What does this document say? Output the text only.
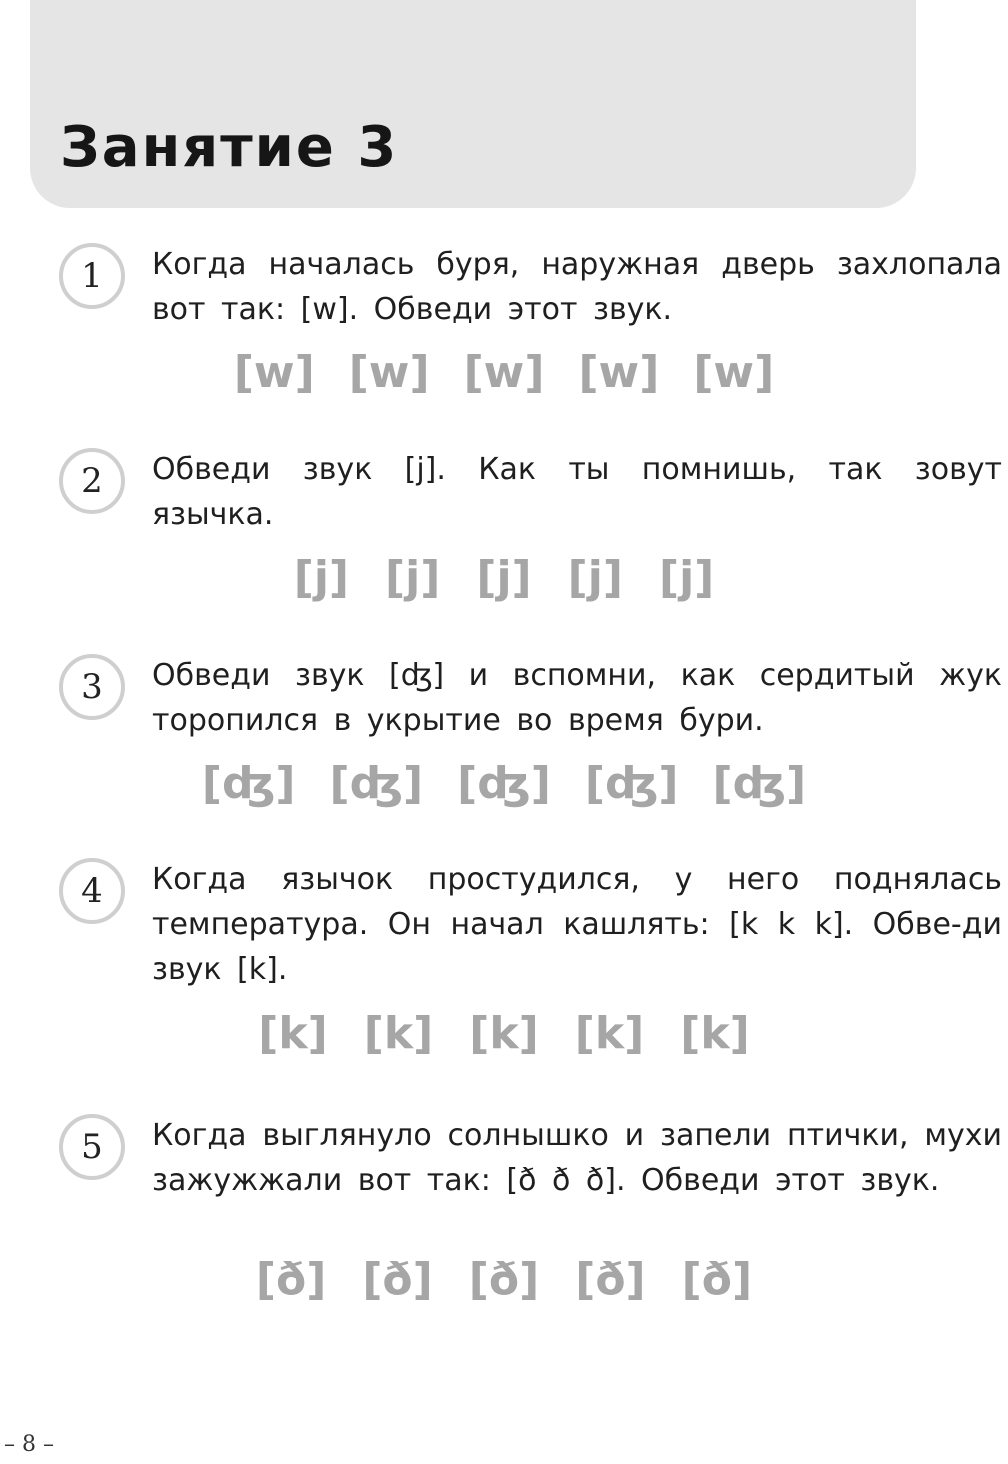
Занятие 3
1	Когда началась буря, наружная дверь захлопала вот так: [w]. Обведи этот звук.

[w] [w] [w] [w] [w]
2	Обведи звук [j]. Как ты помнишь, так зовут язычка.

[j] [j] [j] [j] [j]
3	Обведи звук [ʤ] и вспомни, как сердитый жук торопился в укрытие во время бури.

[ʤ] [ʤ] [ʤ] [ʤ] [ʤ]
4	Когда язычок простудился, у него поднялась температура. Он начал кашлять: [k k k]. Обве-ди звук [k].

[k] [k] [k] [k] [k]
5	Когда выглянуло солнышко и запели птички, мухи зажужжали вот так: [ð ð ð]. Обведи этот звук.

[ð] [ð] [ð] [ð] [ð]
– 8 –
